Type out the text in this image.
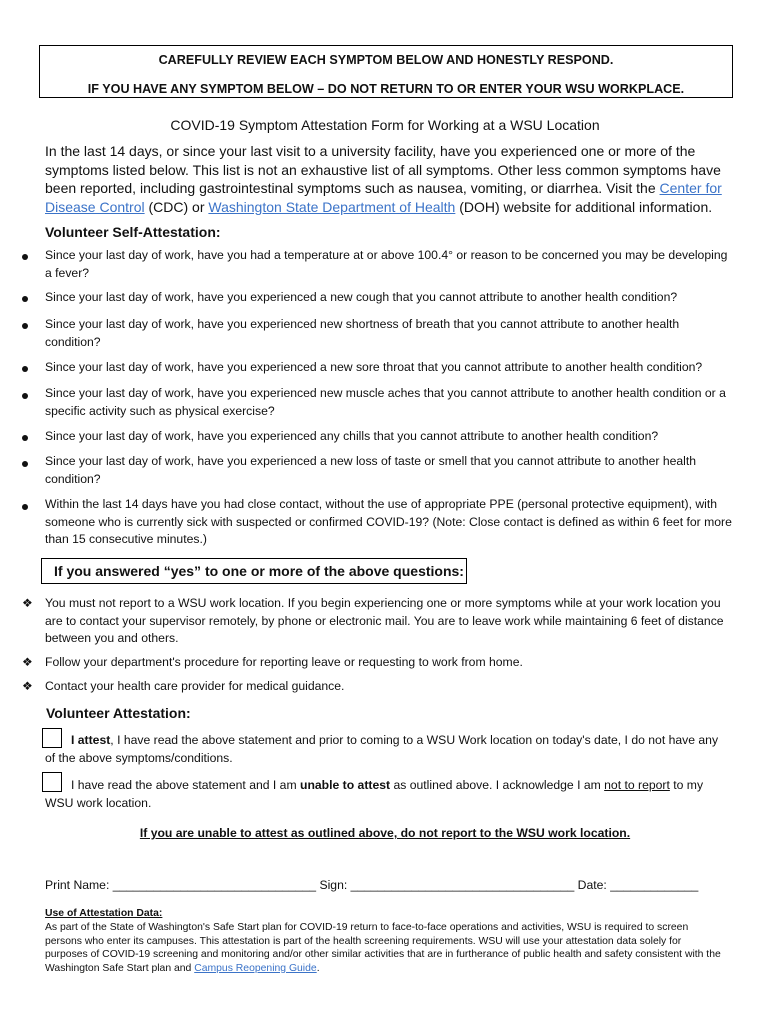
CAREFULLY REVIEW EACH SYMPTOM BELOW AND HONESTLY RESPOND.
IF YOU HAVE ANY SYMPTOM BELOW – DO NOT RETURN TO OR ENTER YOUR WSU WORKPLACE.
COVID-19 Symptom Attestation Form for Working at a WSU Location
In the last 14 days, or since your last visit to a university facility, have you experienced one or more of the symptoms listed below. This list is not an exhaustive list of all symptoms. Other less common symptoms have been reported, including gastrointestinal symptoms such as nausea, vomiting, or diarrhea. Visit the Center for Disease Control (CDC) or Washington State Department of Health (DOH) website for additional information.
Volunteer Self-Attestation:
Since your last day of work, have you had a temperature at or above 100.4° or reason to be concerned you may be developing a fever?
Since your last day of work, have you experienced a new cough that you cannot attribute to another health condition?
Since your last day of work, have you experienced new shortness of breath that you cannot attribute to another health condition?
Since your last day of work, have you experienced a new sore throat that you cannot attribute to another health condition?
Since your last day of work, have you experienced new muscle aches that you cannot attribute to another health condition or a specific activity such as physical exercise?
Since your last day of work, have you experienced any chills that you cannot attribute to another health condition?
Since your last day of work, have you experienced a new loss of taste or smell that you cannot attribute to another health condition?
Within the last 14 days have you had close contact, without the use of appropriate PPE (personal protective equipment), with someone who is currently sick with suspected or confirmed COVID-19? (Note: Close contact is defined as within 6 feet for more than 15 consecutive minutes.)
If you answered “yes” to one or more of the above questions:
❖ You must not report to a WSU work location. If you begin experiencing one or more symptoms while at your work location you are to contact your supervisor remotely, by phone or electronic mail. You are to leave work while maintaining 6 feet of distance between you and others.
❖ Follow your department's procedure for reporting leave or requesting to work from home.
❖ Contact your health care provider for medical guidance.
Volunteer Attestation:
I attest, I have read the above statement and prior to coming to a WSU Work location on today's date, I do not have any of the above symptoms/conditions.
I have read the above statement and I am unable to attest as outlined above. I acknowledge I am not to report to my WSU work location.
If you are unable to attest as outlined above, do not report to the WSU work location.
Print Name: ______________________________ Sign: _________________________________ Date: _____________
Use of Attestation Data:
As part of the State of Washington's Safe Start plan for COVID-19 return to face-to-face operations and activities, WSU is required to screen persons who enter its campuses. This attestation is part of the health screening requirements. WSU will use your attestation data solely for purposes of COVID-19 screening and monitoring and/or other similar activities that are in furtherance of public health and safety consistent with the Washington Safe Start plan and Campus Reopening Guide.
